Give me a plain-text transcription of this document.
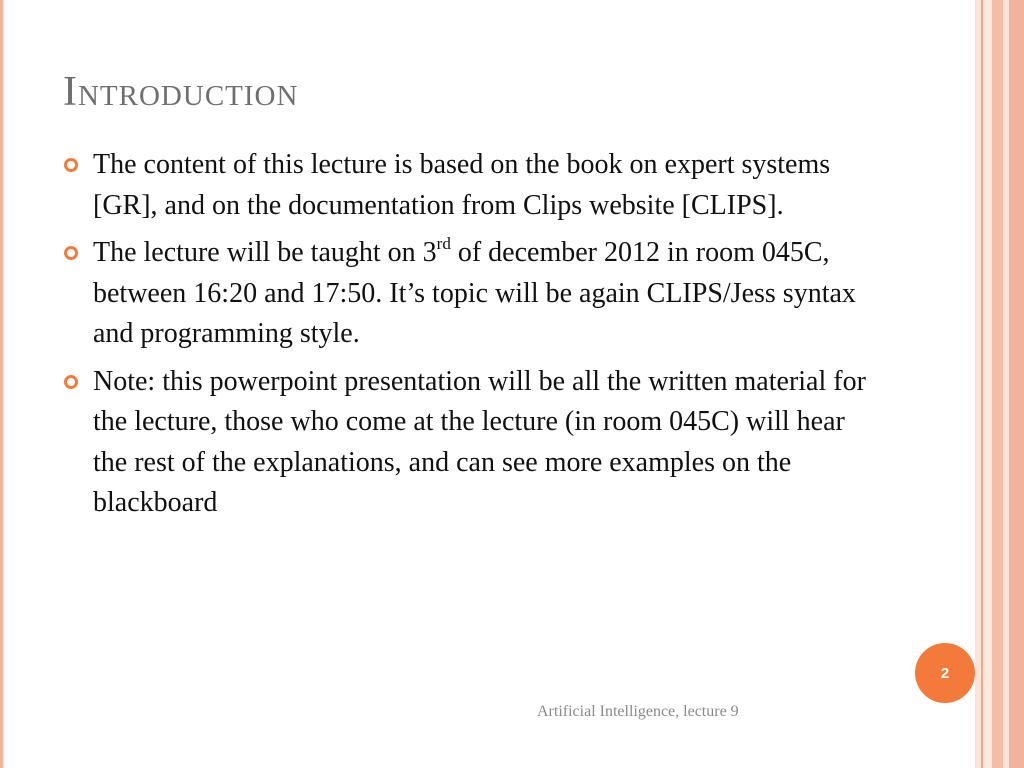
Introduction
The content of this lecture is based on the book on expert systems [GR], and on the documentation from Clips website [CLIPS].
The lecture will be taught on 3rd of december 2012 in room 045C, between 16:20 and 17:50. It’s topic will be again CLIPS/Jess syntax and programming style.
Note: this powerpoint presentation will be all the written material for the lecture, those who come at the lecture (in room 045C) will hear the rest of the explanations, and can see more examples on the blackboard
2
Artificial Intelligence, lecture 9
